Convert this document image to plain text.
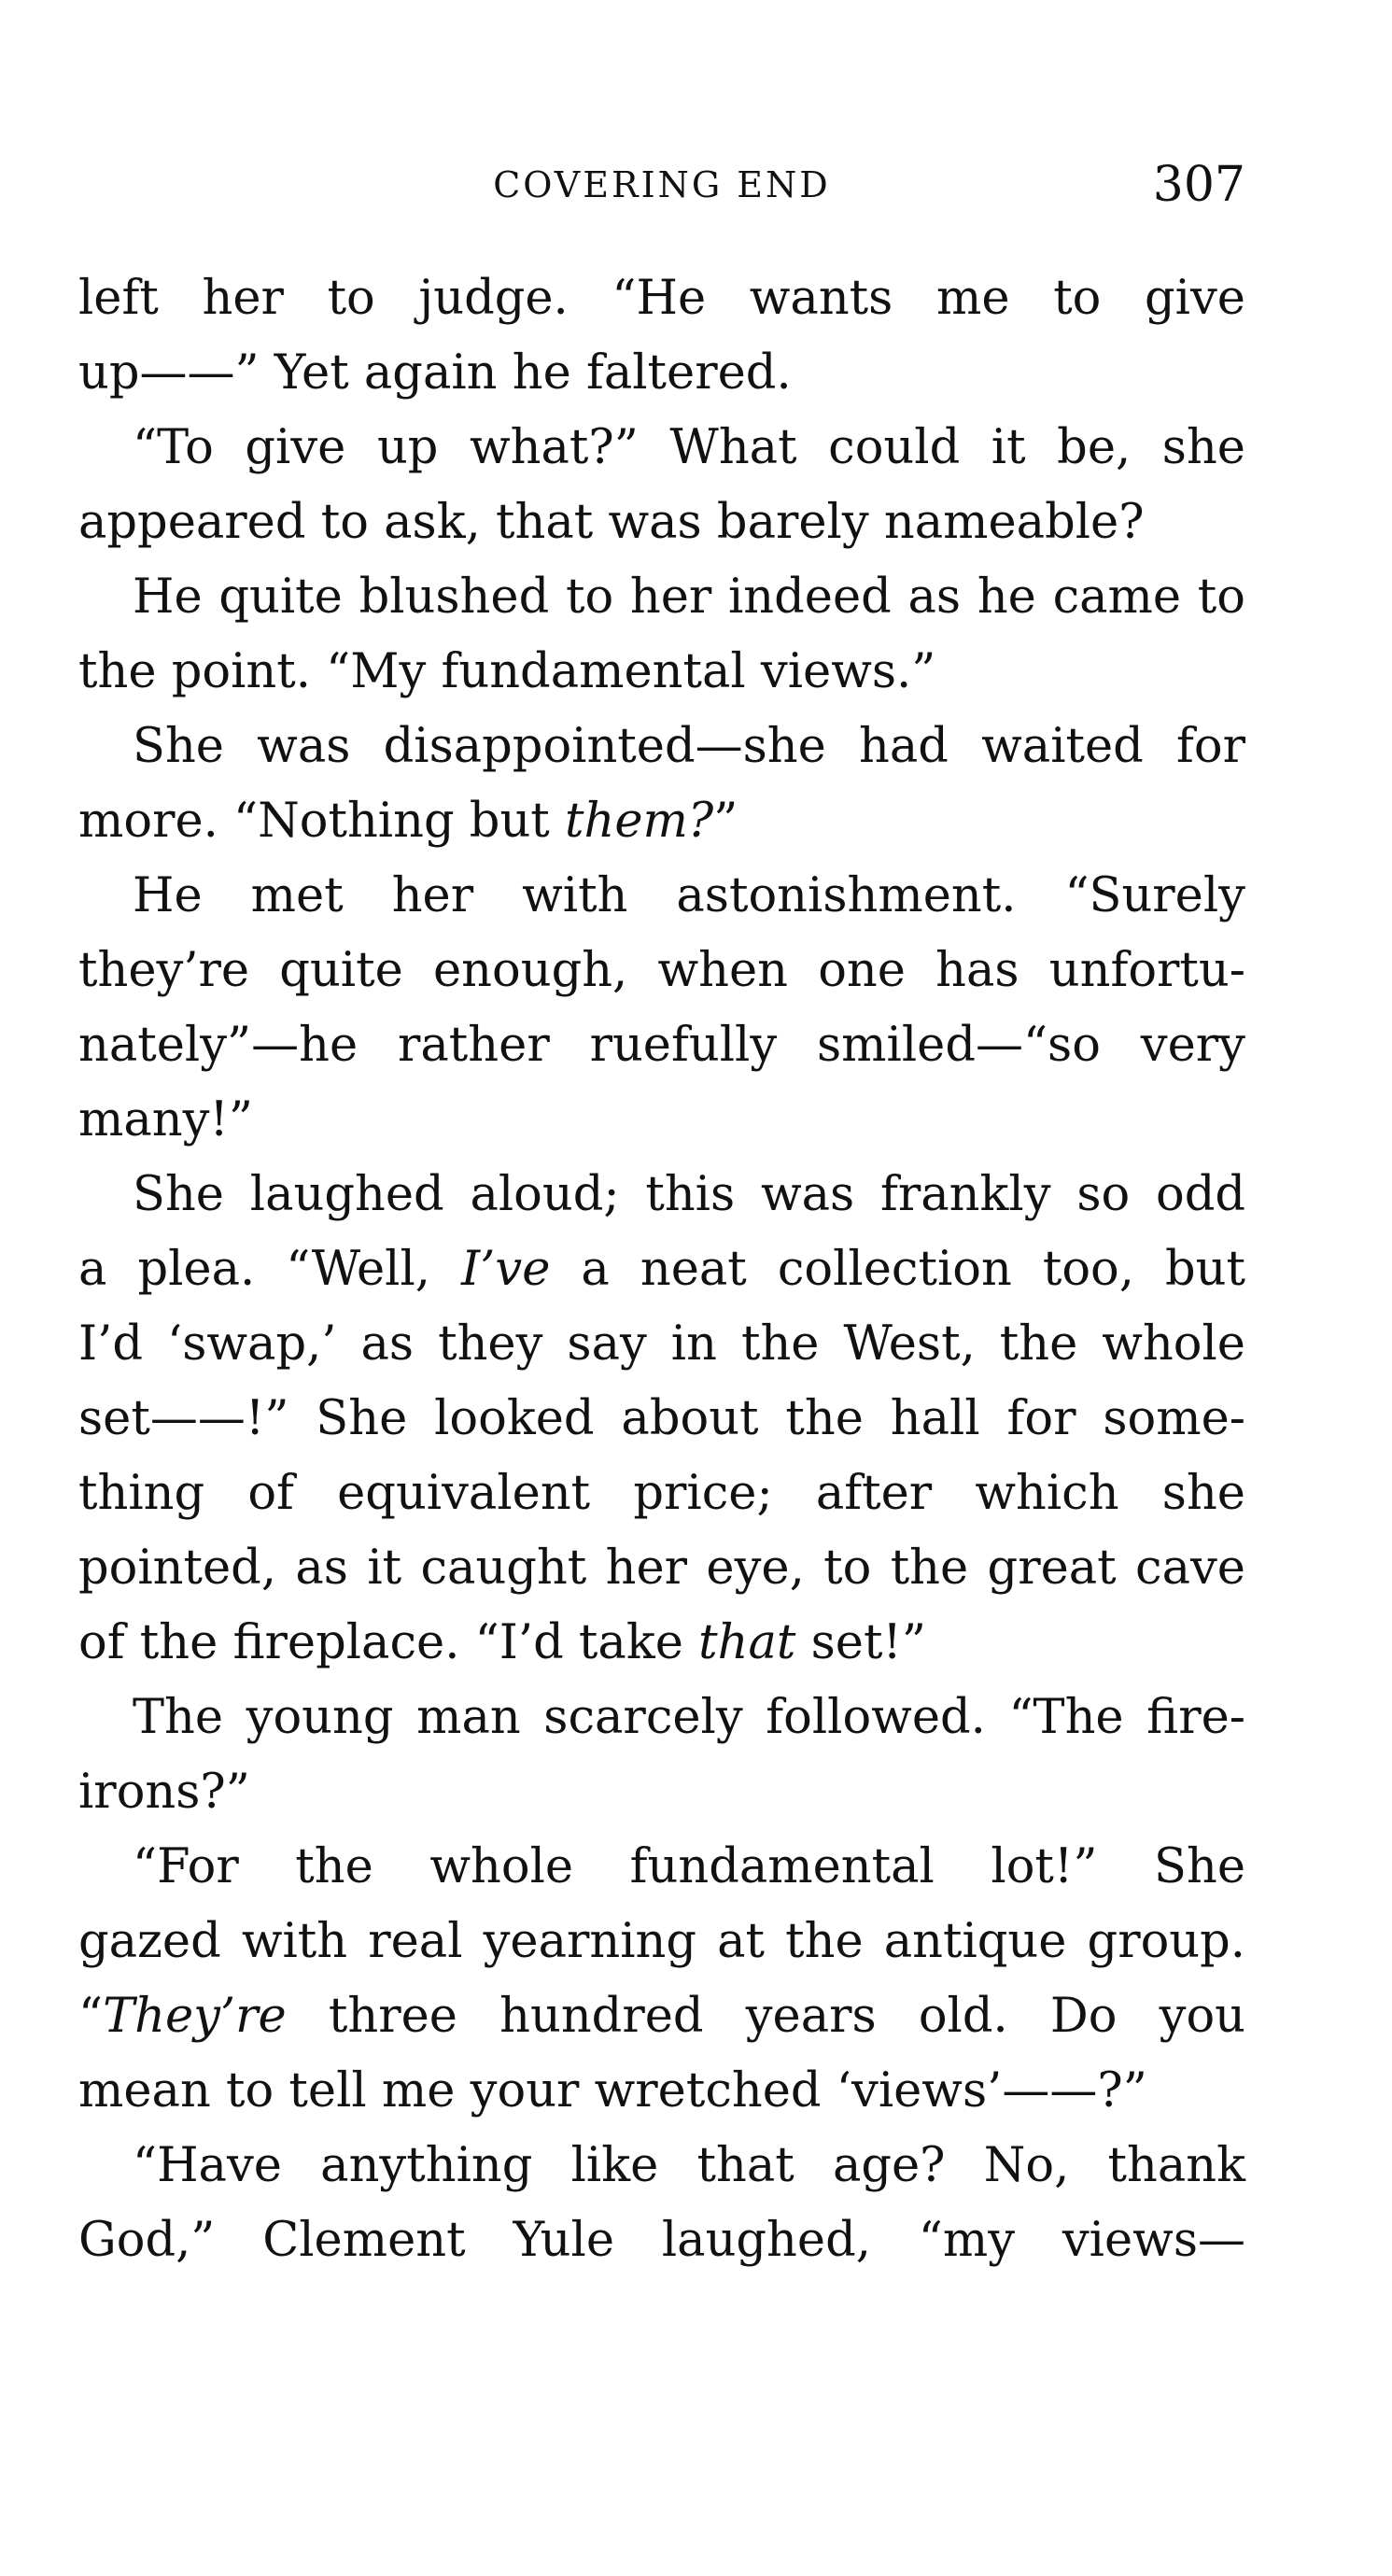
COVERING END	307
left her to judge. “He wants me to give
up——” Yet again he faltered.
“To give up what?” What could it be, she
appeared to ask, that was barely nameable?
He quite blushed to her indeed as he came to
the point. “My fundamental views.”
She was disappointed—she had waited for
more. “Nothing but them?”
He met her with astonishment. “Surely
they’re quite enough, when one has unfortu-
nately”—he rather ruefully smiled—“so very
many!”
She laughed aloud; this was frankly so odd
a plea. “Well, I’ve a neat collection too, but
I’d ‘swap,’ as they say in the West, the whole
set——!” She looked about the hall for some-
thing of equivalent price; after which she
pointed, as it caught her eye, to the great cave
of the fireplace. “I’d take that set!”
The young man scarcely followed. “The fire-
irons?”
“For the whole fundamental lot!” She
gazed with real yearning at the antique group.
“They’re three hundred years old. Do you
mean to tell me your wretched ‘views’——?”
“Have anything like that age? No, thank
God,” Clement Yule laughed, “my views—
